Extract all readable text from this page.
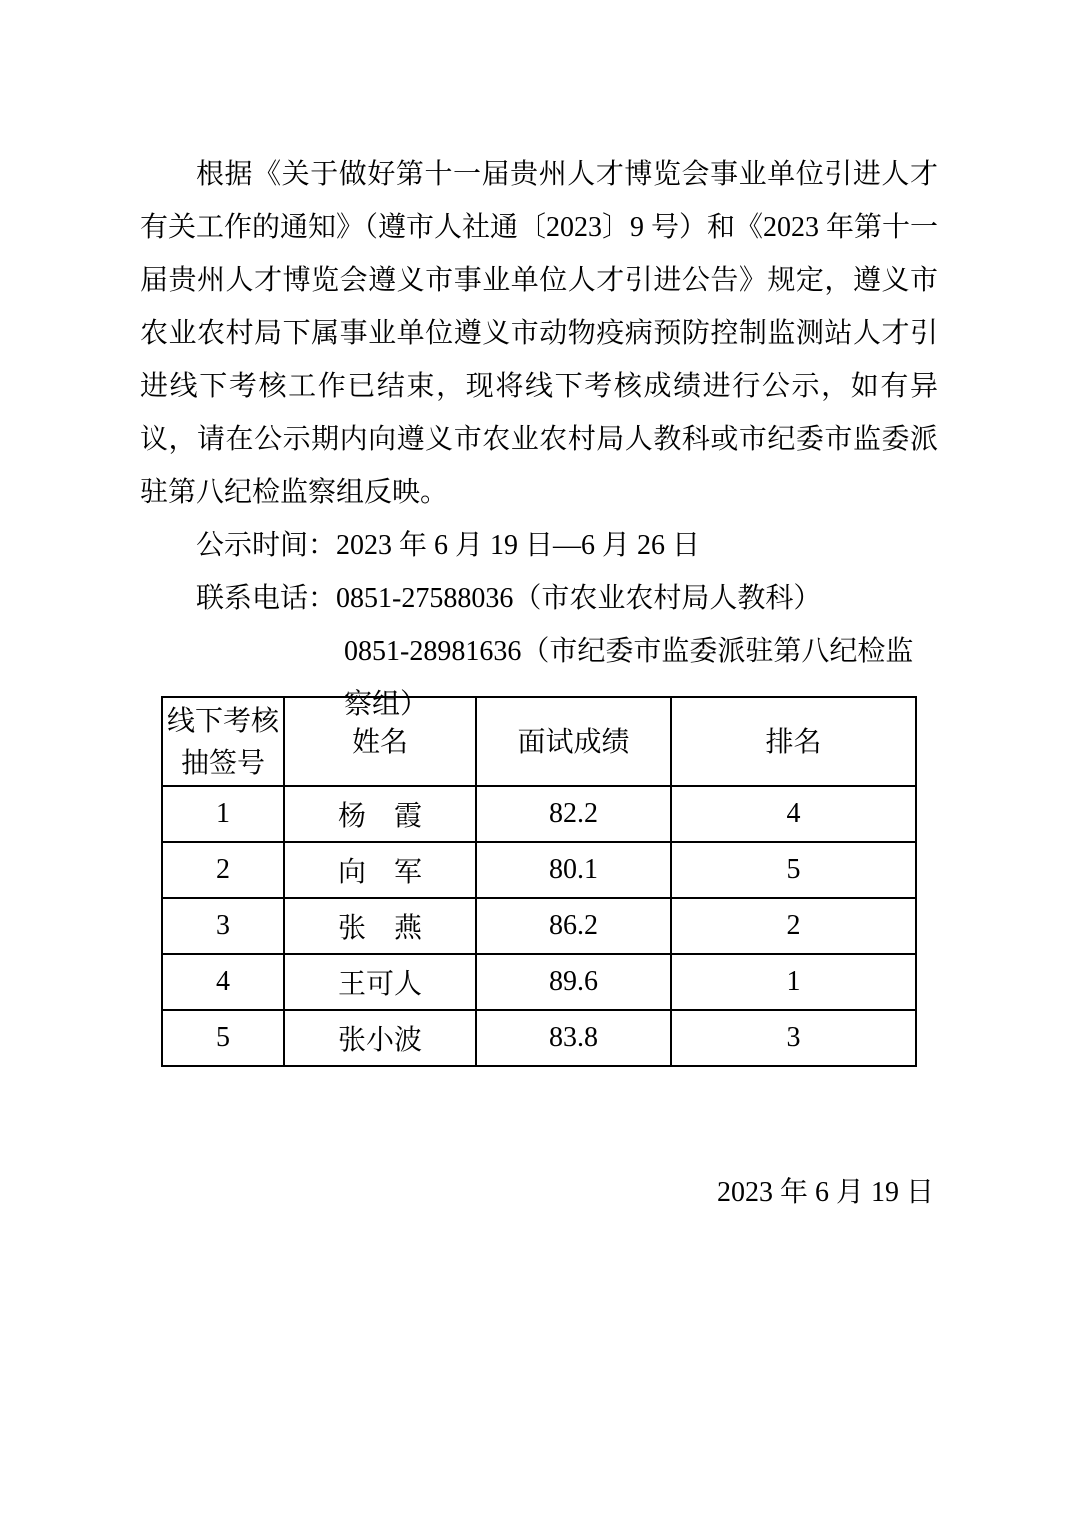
根据《关于做好第十一届贵州人才博览会事业单位引进人才有关工作的通知》（遵市人社通〔2023〕9 号）和《2023 年第十一届贵州人才博览会遵义市事业单位人才引进公告》规定，遵义市农业农村局下属事业单位遵义市动物疫病预防控制监测站人才引进线下考核工作已结束，现将线下考核成绩进行公示，如有异议，请在公示期内向遵义市农业农村局人教科或市纪委市监委派驻第八纪检监察组反映。

公示时间：2023 年 6 月 19 日—6 月 26 日

联系电话：0851-27588036（市农业农村局人教科）

0851-28981636（市纪委市监委派驻第八纪检监察组）

线下考核抽签号	姓名	面试成绩	排名
1	杨　霞	82.2	4
2	向　军	80.1	5
3	张　燕	86.2	2
4	王可人	89.6	1
5	张小波	83.8	3
2023 年 6 月 19 日
